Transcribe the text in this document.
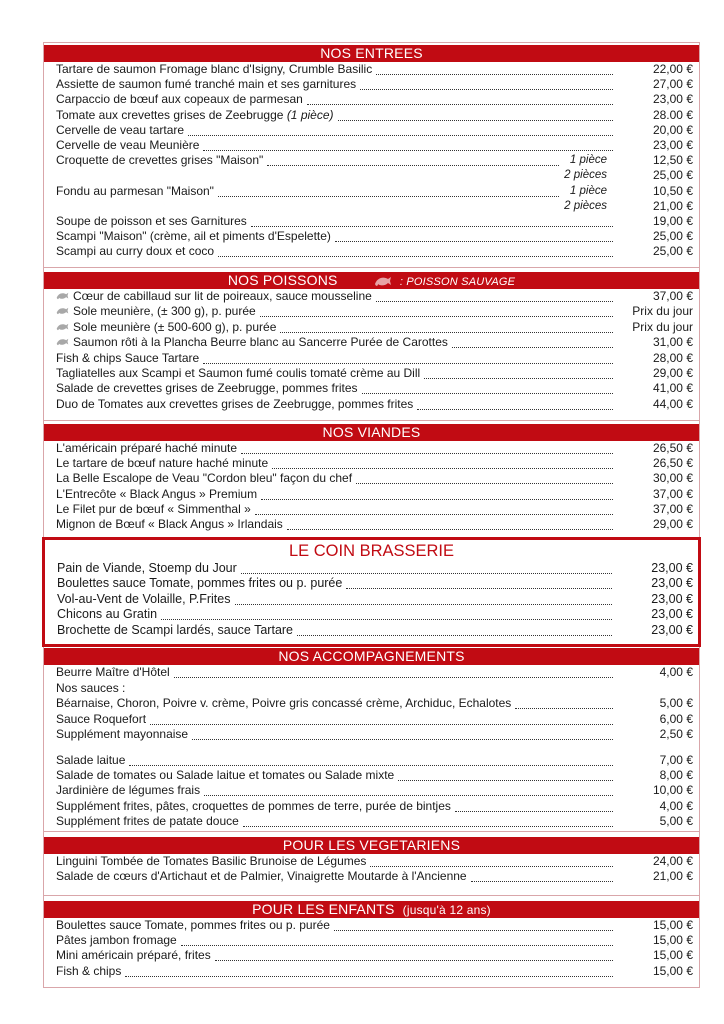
NOS ENTREES
Tartare de saumon Fromage blanc d'Isigny, Crumble Basilic	22,00 €
Assiette de saumon fumé tranché main et ses garnitures	27,00 €
Carpaccio de bœuf aux copeaux de parmesan	23,00 €
Tomate aux crevettes grises de Zeebrugge (1 pièce)	28.00 €
Cervelle de veau tartare	20,00 €
Cervelle de veau Meunière	23,00 €
Croquette de crevettes grises "Maison"	1 pièce	12,50 €
2 pièces	25,00 €
Fondu au parmesan "Maison"	1 pièce	10,50 €
2 pièces	21,00 €
Soupe de poisson et ses Garnitures	19,00 €
Scampi "Maison" (crème, ail et piments d'Espelette)	25,00 €
Scampi au curry doux et coco	25,00 €
NOS POISSONS	: POISSON SAUVAGE
Cœur de cabillaud sur lit de poireaux, sauce mousseline	37,00 €
Sole meunière, (± 300 g), p. purée	Prix du jour
Sole meunière (± 500-600 g), p. purée	Prix du jour
Saumon rôti à la Plancha Beurre blanc au Sancerre Purée de Carottes	31,00 €
Fish & chips Sauce Tartare	28,00 €
Tagliatelles aux Scampi et Saumon fumé coulis tomaté crème au Dill	29,00 €
Salade de crevettes grises de Zeebrugge, pommes frites	41,00 €
Duo de Tomates aux crevettes grises de Zeebrugge, pommes frites	44,00 €
NOS VIANDES
L'américain préparé haché minute	26,50 €
Le tartare de bœuf nature haché minute	26,50 €
La Belle Escalope de Veau "Cordon bleu" façon du chef	30,00 €
L'Entrecôte « Black Angus » Premium	37,00 €
Le Filet pur de bœuf « Simmenthal »	37,00 €
Mignon de Bœuf « Black Angus » Irlandais	29,00 €
LE COIN BRASSERIE
Pain de Viande, Stoemp du Jour	23,00 €
Boulettes sauce Tomate, pommes frites ou p. purée	23,00 €
Vol-au-Vent de Volaille, P.Frites	23,00 €
Chicons au Gratin	23,00 €
Brochette de Scampi lardés, sauce Tartare	23,00 €
NOS ACCOMPAGNEMENTS
Beurre Maître d'Hôtel	4,00 €
Nos sauces :
Béarnaise, Choron, Poivre v. crème, Poivre gris concassé crème, Archiduc, Echalotes	5,00 €
Sauce Roquefort	6,00 €
Supplément mayonnaise	2,50 €
Salade laitue	7,00 €
Salade de tomates ou Salade laitue et tomates ou Salade mixte	8,00 €
Jardinière de légumes frais	10,00 €
Supplément frites, pâtes, croquettes de pommes de terre, purée de bintjes	4,00 €
Supplément frites de patate douce	5,00 €
POUR LES VEGETARIENS
Linguini Tombée de Tomates Basilic Brunoise de Légumes	24,00 €
Salade de cœurs d'Artichaut et de Palmier, Vinaigrette Moutarde à l'Ancienne	21,00 €
POUR LES ENFANTS (jusqu'à 12 ans)
Boulettes sauce Tomate, pommes frites ou p. purée	15,00 €
Pâtes jambon fromage	15,00 €
Mini américain préparé, frites	15,00 €
Fish & chips	15,00 €
